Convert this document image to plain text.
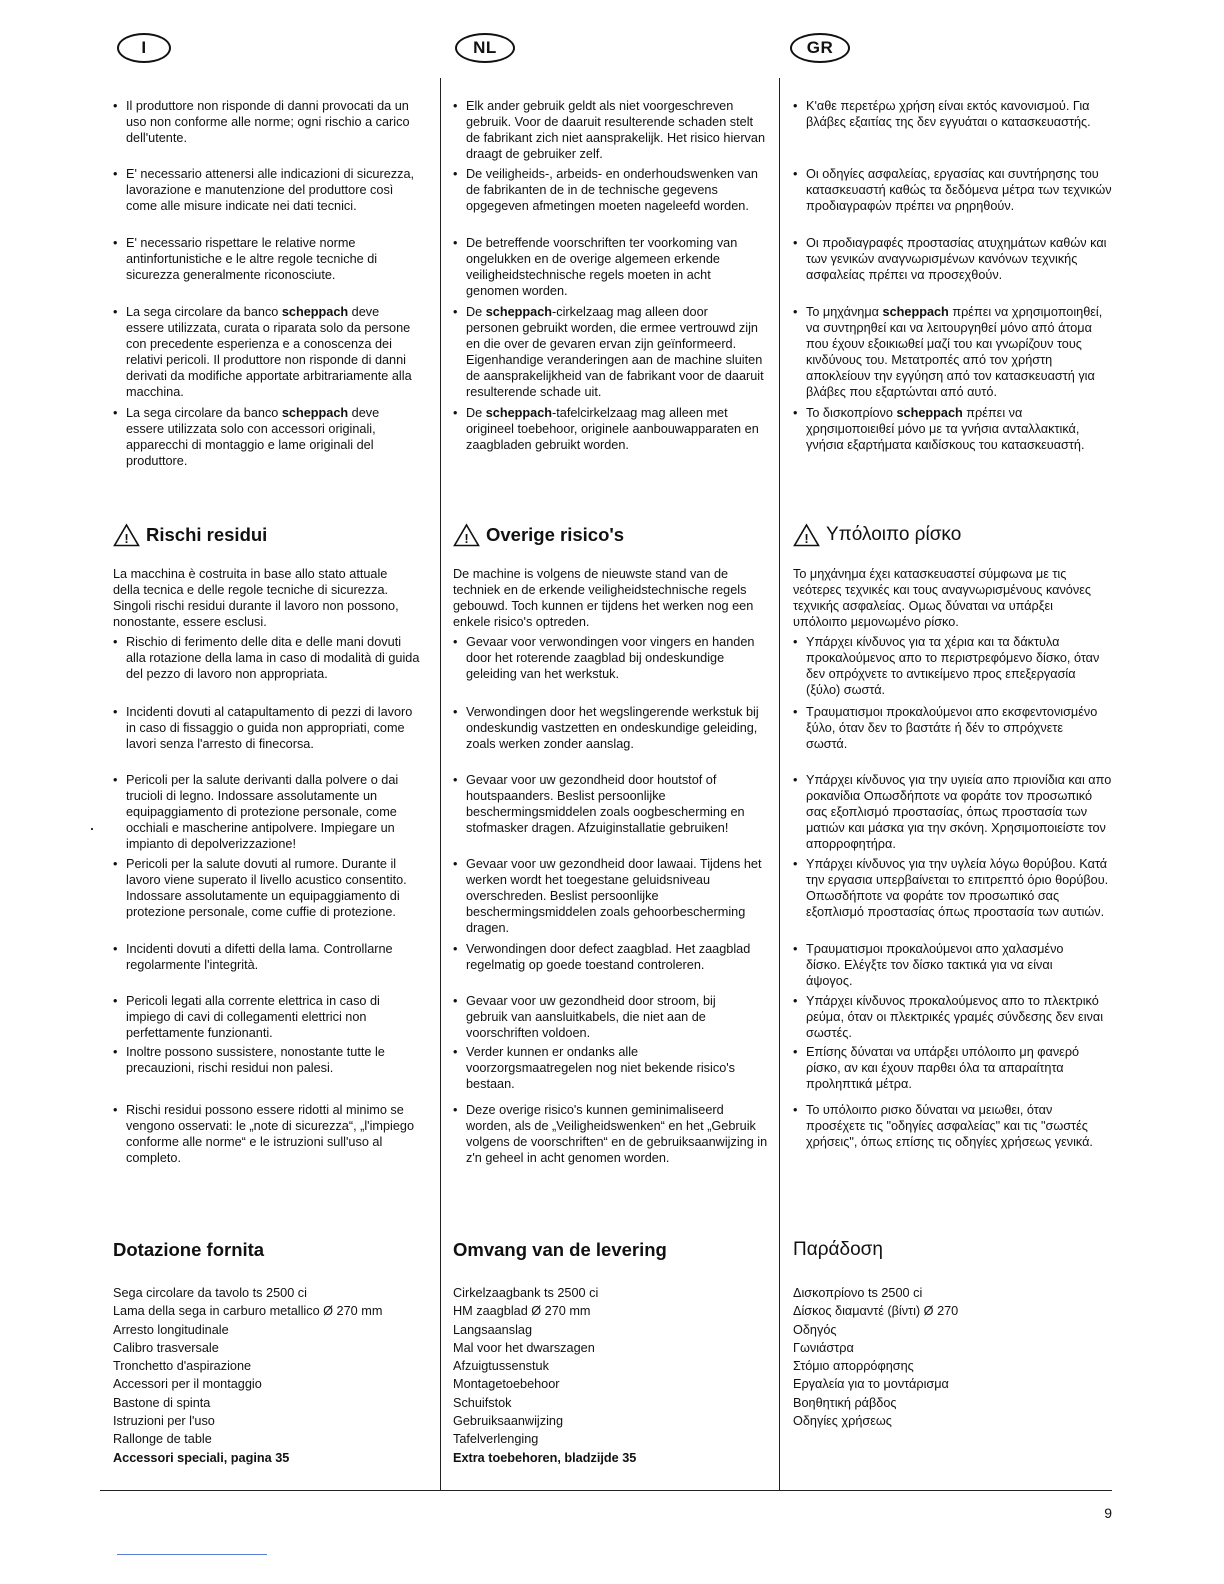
I	NL	GR
• Il produttore non risponde di danni provocati da un uso non conforme alle norme; ogni rischio a carico dell'utente.
• E' necessario attenersi alle indicazioni di sicurezza, lavorazione e manutenzione del produttore così come alle misure indicate nei dati tecnici.
• E' necessario rispettare le relative norme antinfortunistiche e le altre regole tecniche di sicurezza generalmente riconosciute.
• La sega circolare da banco scheppach deve essere utilizzata, curata o riparata solo da persone con precedente esperienza e a conoscenza dei relativi pericoli. Il produttore non risponde di danni derivati da modifiche apportate arbitrariamente alla macchina.
• La sega circolare da banco scheppach deve essere utilizzata solo con accessori originali, apparecchi di montaggio e lame originali del produttore.
! Rischi residui

La macchina è costruita in base allo stato attuale della tecnica e delle regole tecniche di sicurezza. Singoli rischi residui durante il lavoro non possono, nonostante, essere esclusi.

• Rischio di ferimento delle dita e delle mani dovuti alla rotazione della lama in caso di modalità di guida del pezzo di lavoro non appropriata.
• Incidenti dovuti al catapultamento di pezzi di lavoro in caso di fissaggio o guida non appropriati, come lavori senza l'arresto di finecorsa.
• Pericoli per la salute derivanti dalla polvere o dai trucioli di legno. Indossare assolutamente un equipaggiamento di protezione personale, come occhiali e mascherine antipolvere. Impiegare un impianto di depolverizzazione!
• Pericoli per la salute dovuti al rumore. Durante il lavoro viene superato il livello acustico consentito. Indossare assolutamente un equipaggiamento di protezione personale, come cuffie di protezione.
• Incidenti dovuti a difetti della lama. Controllarne regolarmente l'integrità.
• Pericoli legati alla corrente elettrica in caso di impiego di cavi di collegamenti elettrici non perfettamente funzionanti.
• Inoltre possono sussistere, nonostante tutte le precauzioni, rischi residui non palesi.
• Rischi residui possono essere ridotti al minimo se vengono osservati: le „note di sicurezza“, „l'impiego conforme alle norme“ e le istruzioni sull'uso al completo.
Dotazione fornita

Sega circolare da tavolo ts 2500 ci

Lama della sega in carburo metallico Ø 270 mm

Arresto longitudinale

Calibro trasversale

Tronchetto d'aspirazione

Accessori per il montaggio

Bastone di spinta

Istruzioni per l'uso

Rallonge de table

Accessori speciali, pagina 35

• Elk ander gebruik geldt als niet voorgeschreven gebruik. Voor de daaruit resulterende schaden stelt de fabrikant zich niet aansprakelijk. Het risico hiervan draagt de gebruiker zelf.
• De veiligheids-, arbeids- en onderhoudswenken van de fabrikanten de in de technische gegevens opgegeven afmetingen moeten nageleefd worden.
• De betreffende voorschriften ter voorkoming van ongelukken en de overige algemeen erkende veiligheidstechnische regels moeten in acht genomen worden.
• De scheppach-cirkelzaag mag alleen door personen gebruikt worden, die ermee vertrouwd zijn en die over de gevaren ervan zijn geïnformeerd. Eigenhandige veranderingen aan de machine sluiten de aansprakelijkheid van de fabrikant voor de daaruit resulterende schade uit.
• De scheppach-tafelcirkelzaag mag alleen met origineel toebehoor, originele aanbouwapparaten en zaagbladen gebruikt worden.
! Overige risico's

De machine is volgens de nieuwste stand van de techniek en de erkende veiligheidstechnische regels gebouwd. Toch kunnen er tijdens het werken nog een enkele risico's optreden.

• Gevaar voor verwondingen voor vingers en handen door het roterende zaagblad bij ondeskundige geleiding van het werkstuk.
• Verwondingen door het wegslingerende werkstuk bij ondeskundig vastzetten en ondeskundige geleiding, zoals werken zonder aanslag.
• Gevaar voor uw gezondheid door houtstof of houtspaanders. Beslist persoonlijke beschermingsmiddelen zoals oogbescherming en stofmasker dragen. Afzuiginstallatie gebruiken!
• Gevaar voor uw gezondheid door lawaai. Tijdens het werken wordt het toegestane geluidsniveau overschreden. Beslist persoonlijke beschermingsmiddelen zoals gehoorbescherming dragen.
• Verwondingen door defect zaagblad. Het zaagblad regelmatig op goede toestand controleren.
• Gevaar voor uw gezondheid door stroom, bij gebruik van aansluitkabels, die niet aan de voorschriften voldoen.
• Verder kunnen er ondanks alle voorzorgsmaatregelen nog niet bekende risico's bestaan.
• Deze overige risico's kunnen geminimaliseerd worden, als de „Veiligheidswenken“ en het „Gebruik volgens de voorschriften“ en de gebruiksaanwijzing in z'n geheel in acht genomen worden.
Omvang van de levering

Cirkelzaagbank ts 2500 ci

HM zaagblad Ø 270 mm

Langsaanslag

Mal voor het dwarszagen

Afzuigtussenstuk

Montagetoebehoor

Schuifstok

Gebruiksaanwijzing

Tafelverlenging

Extra toebehoren, bladzijde 35

• Κ'αθε περετέρω χρήση είναι εκτός κανονισμού. Για βλάβες εξαιτίας της δεν εγγυάται ο κατασκευαστής.
• Οι οδηγίες ασφαλείας, εργασίας και συντήρησης του κατασκευαστή καθώς τα δεδόμενα μέτρα των τεχνικών προδιαγραφών πρέπει να ρηρηθούν.
• Οι προδιαγραφές προστασίας ατυχημάτων καθών και των γενικών αναγνωρισμένων κανόνων τεχνικής ασφαλείας πρέπει να προσεχθούν.
• Το μηχάνημα scheppach πρέπει να χρησιμοποιηθεί, να συντηρηθεί και να λειτουργηθεί μόνο από άτομα που έχουν εξοικιωθεί μαζί του και γνωρίζουν τους κινδύνους του. Μετατροπές από τον χρήστη αποκλείουν την εγγύηση από τον κατασκευαστή για βλάβες που εξαρτώνται από αυτό.
• Το δισκοπρίονο scheppach πρέπει να χρησιμοποιειθεί μόνο με τα γνήσια ανταλλακτικά, γνήσια εξαρτήματα καιδίσκους του κατασκευαστή.
! Υπόλοιπο ρίσκο

Το μηχάνημα έχει κατασκευαστεί σύμφωνα με τις νεότερες τεχνικές και τους αναγνωρισμένους κανόνες τεχνικής ασφαλείας. Ομως δύναται να υπάρξει υπόλοιπο μεμονωμένο ρίσκο.

• Υπάρχει κίνδυνος για τα χέρια και τα δάκτυλα προκαλούμενος απο το περιστρεφόμενο δίσκο, όταν δεν οπρόχνετε το αντικείμενο προς επεξεργασία (ξύλο) σωστά.
• Τραυματισμοι προκαλούμενοι απο εκσφεντονισμένο ξύλο, όταν δεν το βαστάτε ή δέν το σπρόχνετε σωστά.
• Υπάρχει κίνδυνος για την υγιεία απο πριονίδια και απο ροκανίδια Οπωσδήποτε να φοράτε τον προσωπικό σας εξοπλισμό προστασίας, όπως προστασία των ματιών και μάσκα για την σκόνη. Χρησιμοποιείστε τον απορροφητήρα.
• Υπάρχει κίνδυνος για την υγλεία λόγω θορύβου. Κατά την εργασια υπερβαίνεται το επιτρεπτό όριο θορύβου. Οπωσδήποτε να φοράτε τον προσωπικό σας εξοπλισμό προστασίας όπως προστασία των αυτιών.
• Τραυματισμοι προκαλούμενοι απο χαλασμένο δίσκο. Ελέγξτε τον δίσκο τακτικά για να είναι άψογος.
• Υπάρχει κίνδυνος προκαλούμενος απο το πλεκτρικό ρεύμα, όταν οι πλεκτρικές γραμές σύνδεσης δεν ειναι σωστές.
• Επίσης δύναται να υπάρξει υπόλοιπο μη φανερό ρίσκο, αν και έχουν παρθει όλα τα απαραίτητα προληπτικά μέτρα.
• Το υπόλοιπο ρισκο δύναται να μειωθει, όταν προσέχετε τις "οδηγίες ασφαλείας" και τις "σωστές χρήσεις", όπως επίσης τις οδηγίες χρήσεως γενικά.
Παράδοση

Δισκοπρίονο ts 2500 ci

Δίσκος διαμαντέ (βίντι) Ø 270

Οδηγός

Γωνιάστρα

Στόμιο απορρόφησης

Εργαλεία για το μοντάρισμα

Βοηθητική ράβδος

Οδηγίες χρήσεως

9
